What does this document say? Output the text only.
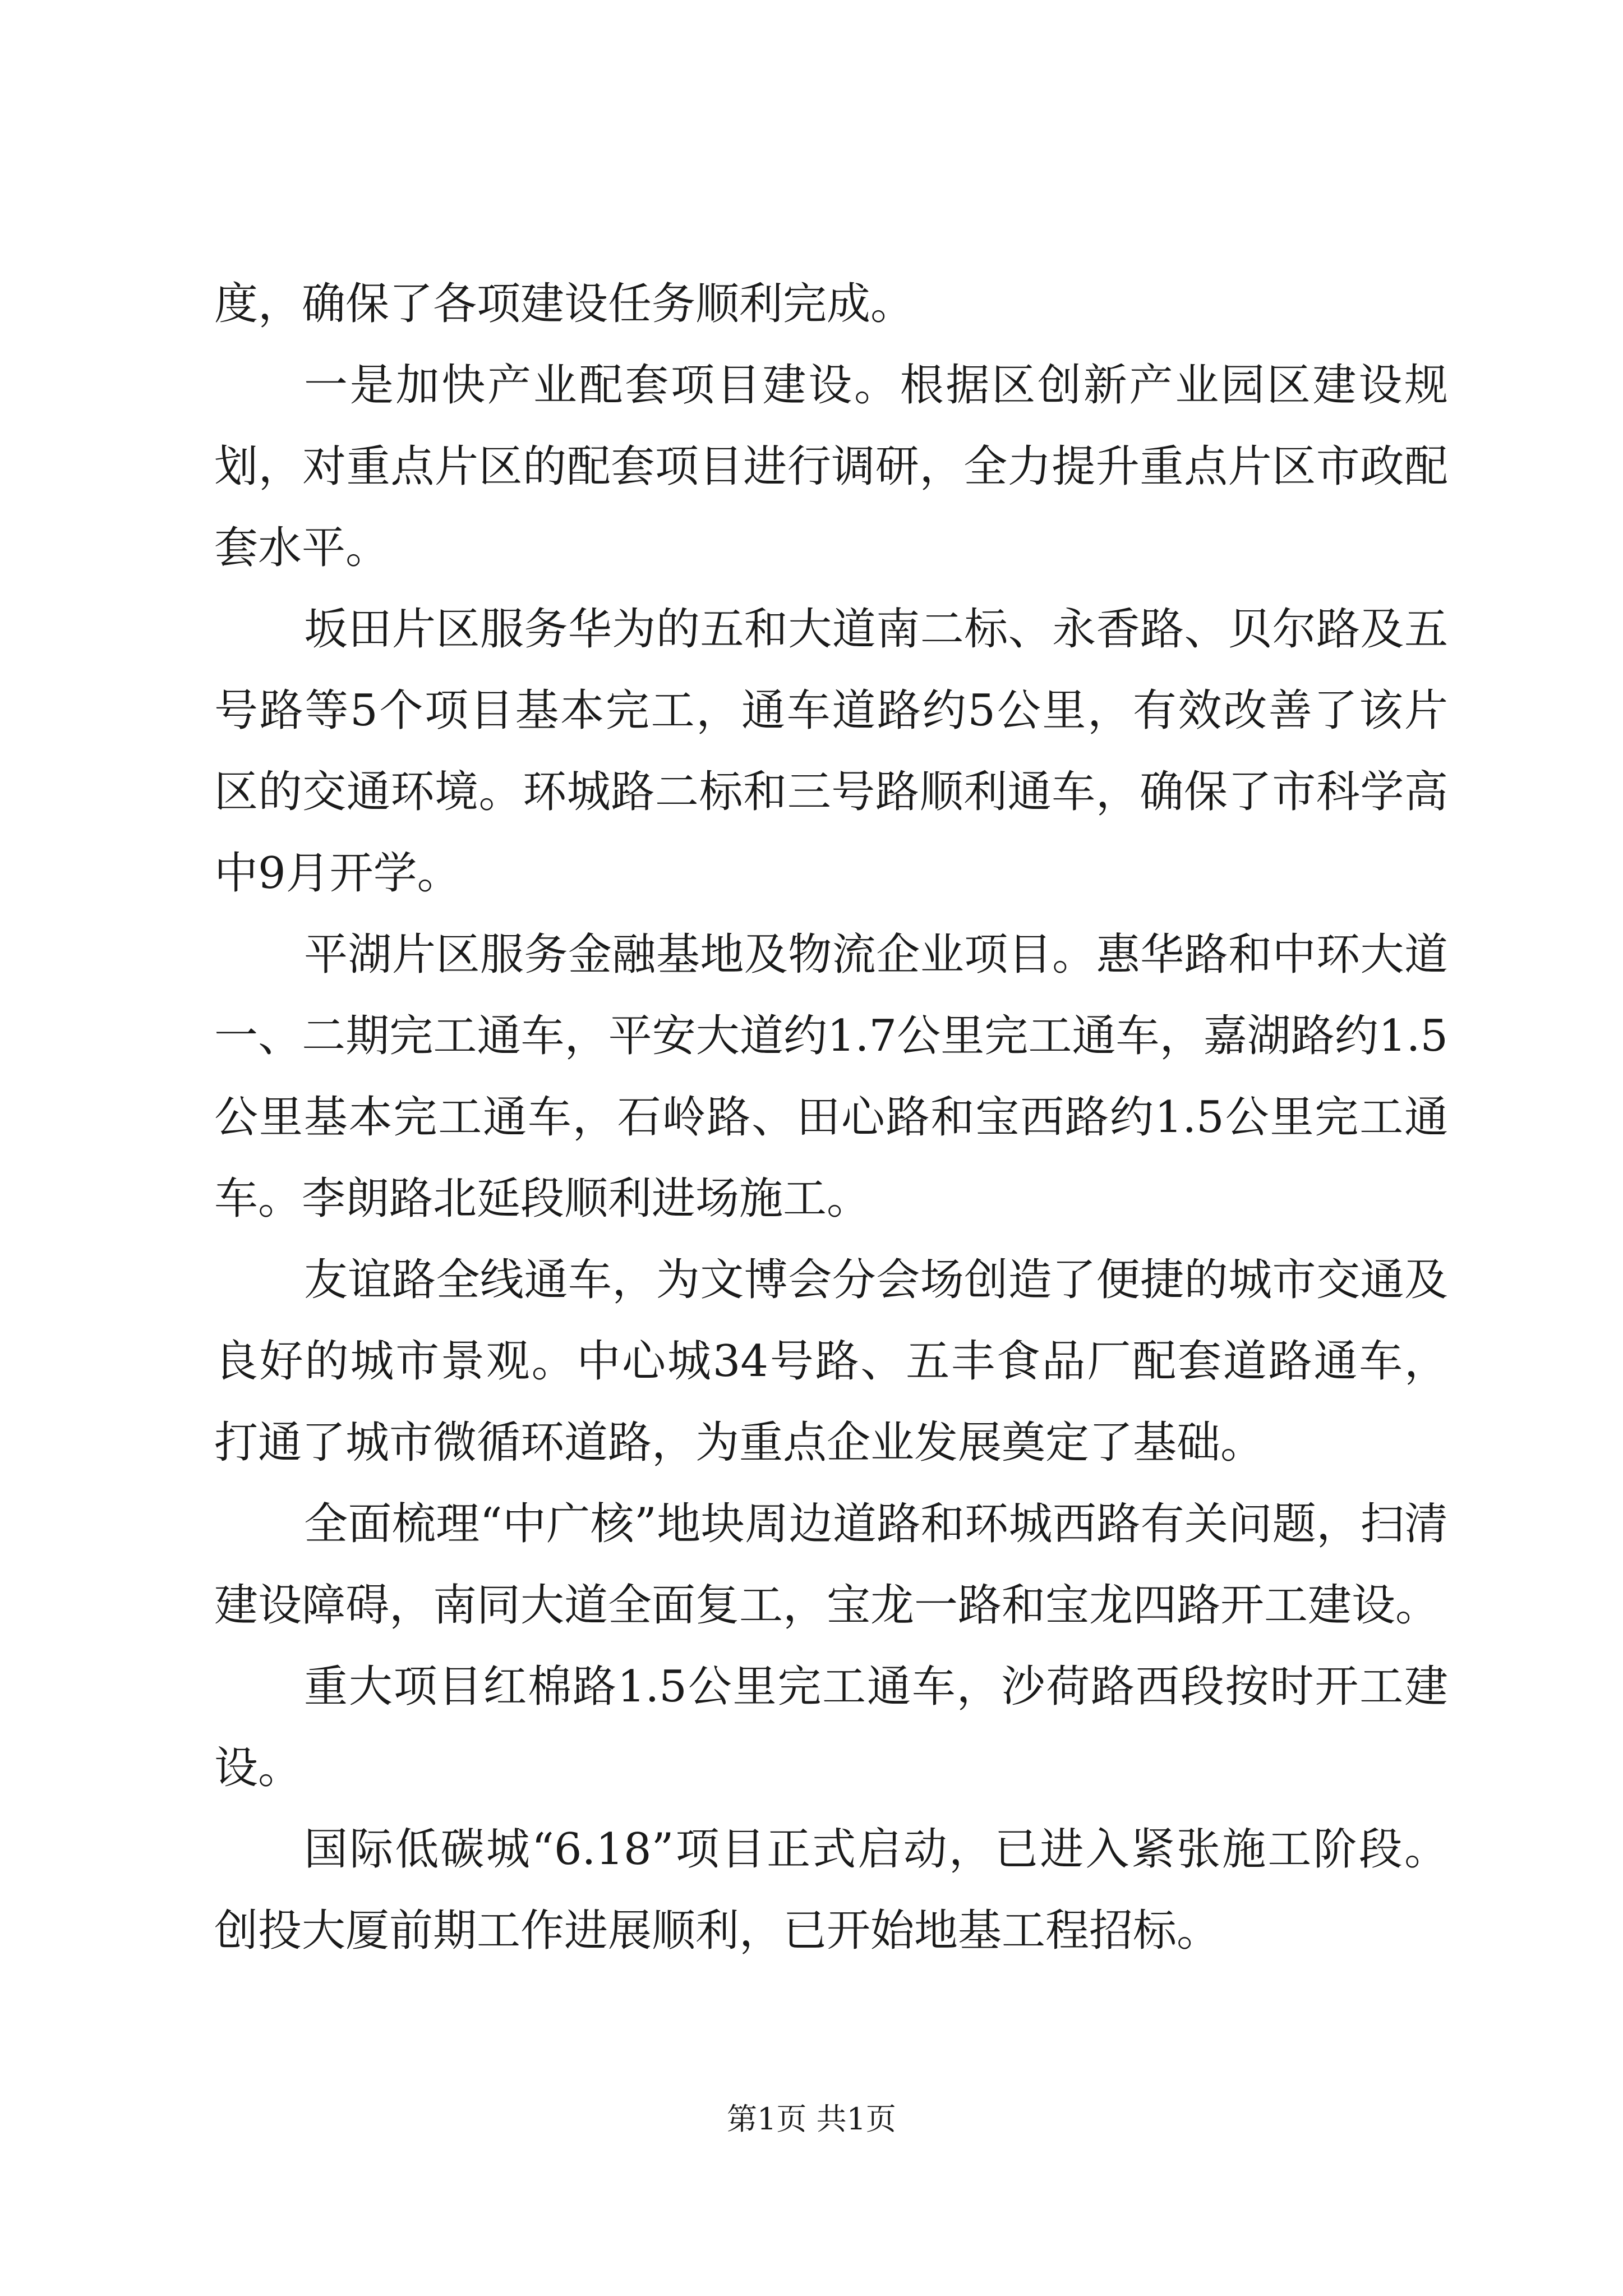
度，确保了各项建设任务顺利完成。

一是加快产业配套项目建设。根据区创新产业园区建设规划，对重点片区的配套项目进行调研，全力提升重点片区市政配套水平。

坂田片区服务华为的五和大道南二标、永香路、贝尔路及五号路等5个项目基本完工，通车道路约5公里，有效改善了该片区的交通环境。环城路二标和三号路顺利通车，确保了市科学高中9月开学。

平湖片区服务金融基地及物流企业项目。惠华路和中环大道一、二期完工通车，平安大道约1.7公里完工通车，嘉湖路约1.5公里基本完工通车，石岭路、田心路和宝西路约1.5公里完工通车。李朗路北延段顺利进场施工。

友谊路全线通车，为文博会分会场创造了便捷的城市交通及良好的城市景观。中心城34号路、五丰食品厂配套道路通车，打通了城市微循环道路，为重点企业发展奠定了基础。

全面梳理“中广核”地块周边道路和环城西路有关问题，扫清建设障碍，南同大道全面复工，宝龙一路和宝龙四路开工建设。

重大项目红棉路1.5公里完工通车，沙荷路西段按时开工建设。

国际低碳城“6.18”项目正式启动，已进入紧张施工阶段。创投大厦前期工作进展顺利，已开始地基工程招标。

第1页 共1页
